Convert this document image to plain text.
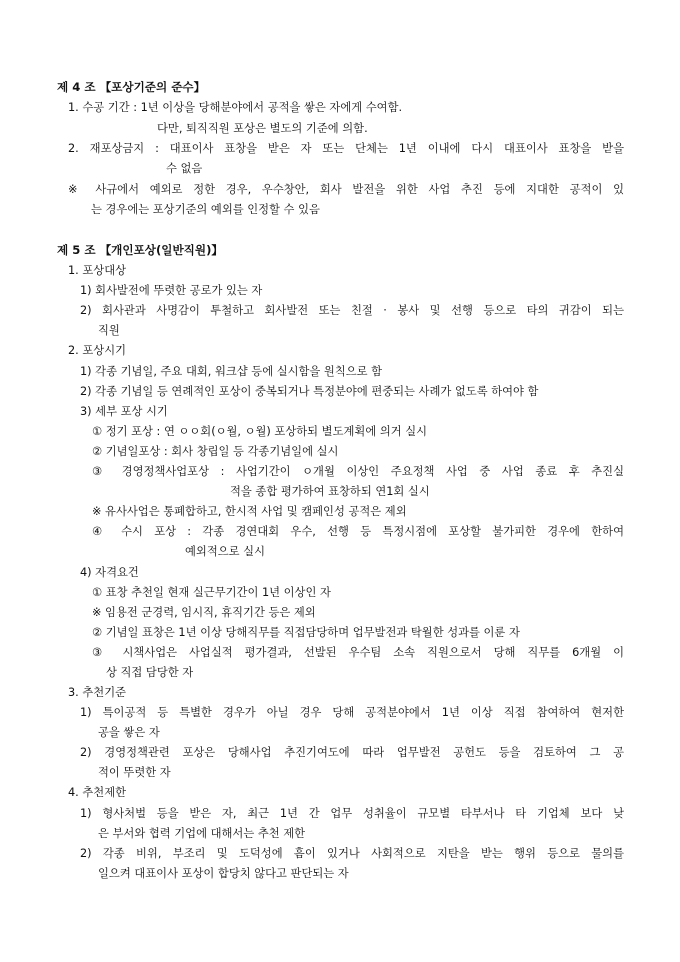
제 4 조 【포상기준의 준수】
1. 수공 기간 : 1년 이상을 당해분야에서 공적을 쌓은 자에게 수여함.
다만, 퇴직직원 포상은 별도의 기준에 의함.
2. 재포상금지 : 대표이사 표창을 받은 자 또는 단체는 1년 이내에 다시 대표이사 표창을 받을
수 없음
※ 사규에서 예외로 정한 경우, 우수창안, 회사 발전을 위한 사업 추진 등에 지대한 공적이 있
는 경우에는 포상기준의 예외를 인정할 수 있음
제 5 조 【개인포상(일반직원)】
1. 포상대상
1) 회사발전에 뚜렷한 공로가 있는 자
2) 회사관과 사명감이 투철하고 회사발전 또는 친절 · 봉사 및 선행 등으로 타의 귀감이 되는
직원
2. 포상시기
1) 각종 기념일, 주요 대회, 워크샵 등에 실시함을 원칙으로 함
2) 각종 기념일 등 연례적인 포상이 중복되거나 특정분야에 편중되는 사례가 없도록 하여야 함
3) 세부 포상 시기
① 정기 포상 : 연 ㅇㅇ회(ㅇ월, ㅇ월) 포상하되 별도계획에 의거 실시
② 기념일포상 : 회사 창립일 등 각종기념일에 실시
③ 경영정책사업포상 : 사업기간이 ㅇ개월 이상인 주요정책 사업 중 사업 종료 후 추진실
적을 종합 평가하여 표창하되 연1회 실시
※ 유사사업은 통폐합하고, 한시적 사업 및 캠페인성 공적은 제외
④ 수시 포상 : 각종 경연대회 우수, 선행 등 특정시점에 포상할 불가피한 경우에 한하여
예외적으로 실시
4) 자격요건
① 표창 추천일 현재 실근무기간이 1년 이상인 자
※ 임용전 군경력, 임시직, 휴직기간 등은 제외
② 기념일 표창은 1년 이상 당해직무를 직접담당하며 업무발전과 탁월한 성과를 이룬 자
③ 시책사업은 사업실적 평가결과, 선발된 우수팀 소속 직원으로서 당해 직무를 6개월 이
상 직접 담당한 자
3. 추천기준
1) 특이공적 등 특별한 경우가 아닐 경우 당해 공적분야에서 1년 이상 직접 참여하여 현저한
공을 쌓은 자
2) 경영정책관련 포상은 당해사업 추진기여도에 따라 업무발전 공헌도 등을 검토하여 그 공
적이 뚜렷한 자
4. 추천제한
1) 형사처벌 등을 받은 자, 최근 1년 간 업무 성취율이 규모별 타부서나 타 기업체 보다 낮
은 부서와 협력 기업에 대해서는 추천 제한
2) 각종 비위, 부조리 및 도덕성에 흠이 있거나 사회적으로 지탄을 받는 행위 등으로 물의를
일으켜 대표이사 포상이 합당치 않다고 판단되는 자
